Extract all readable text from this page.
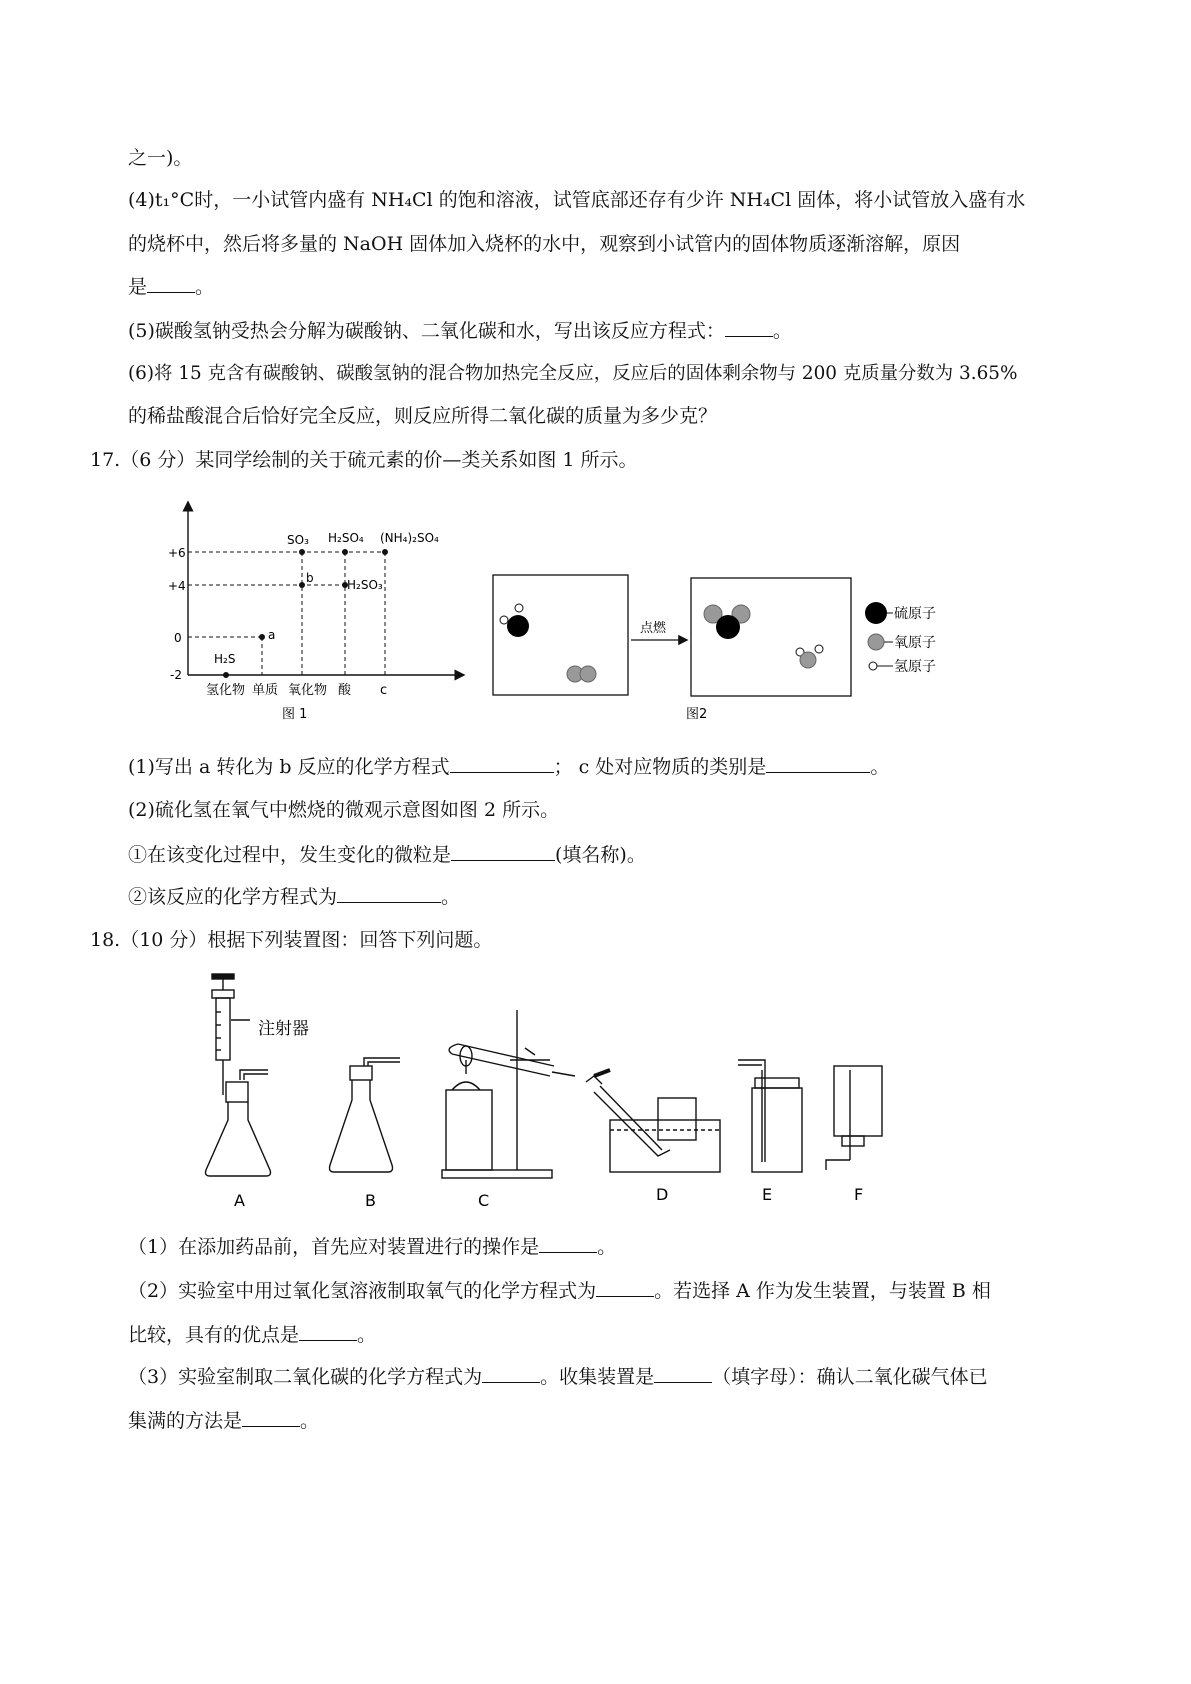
之一)。
(4)t₁°C时，一小试管内盛有 NH₄Cl 的饱和溶液，试管底部还存有少许 NH₄Cl 固体，将小试管放入盛有水
的烧杯中，然后将多量的 NaOH 固体加入烧杯的水中，观察到小试管内的固体物质逐渐溶解，原因
是	。
(5)碳酸氢钠受热会分解为碳酸钠、二氧化碳和水，写出该反应方程式：	。
(6)将 15 克含有碳酸钠、碳酸氢钠的混合物加热完全反应，反应后的固体剩余物与 200 克质量分数为 3.65%
的稀盐酸混合后恰好完全反应，则反应所得二氧化碳的质量为多少克？
17.（6 分）某同学绘制的关于硫元素的价—类关系如图 1 所示。
+6
+4
0
-2
SO₃ H₂SO₄ (NH₄)₂SO₄
b	H₂SO₃
a
H₂S
氢化物 单质 氧化物 酸 c
图 1
点燃
硫原子
氧原子
氢原子
图2
(1)写出 a 转化为 b 反应的化学方程式	； c 处对应物质的类别是	。
(2)硫化氢在氧气中燃烧的微观示意图如图 2 所示。
①在该变化过程中，发生变化的微粒是	(填名称)。
②该反应的化学方程式为	。
18.（10 分）根据下列装置图：回答下列问题。
注射器
A	B	C	D	E	F
（1）在添加药品前，首先应对装置进行的操作是	。
（2）实验室中用过氧化氢溶液制取氧气的化学方程式为	。若选择 A 作为发生装置，与装置 B 相
比较，具有的优点是	。
（3）实验室制取二氧化碳的化学方程式为	。收集装置是	（填字母）：确认二氧化碳气体已
集满的方法是	。
